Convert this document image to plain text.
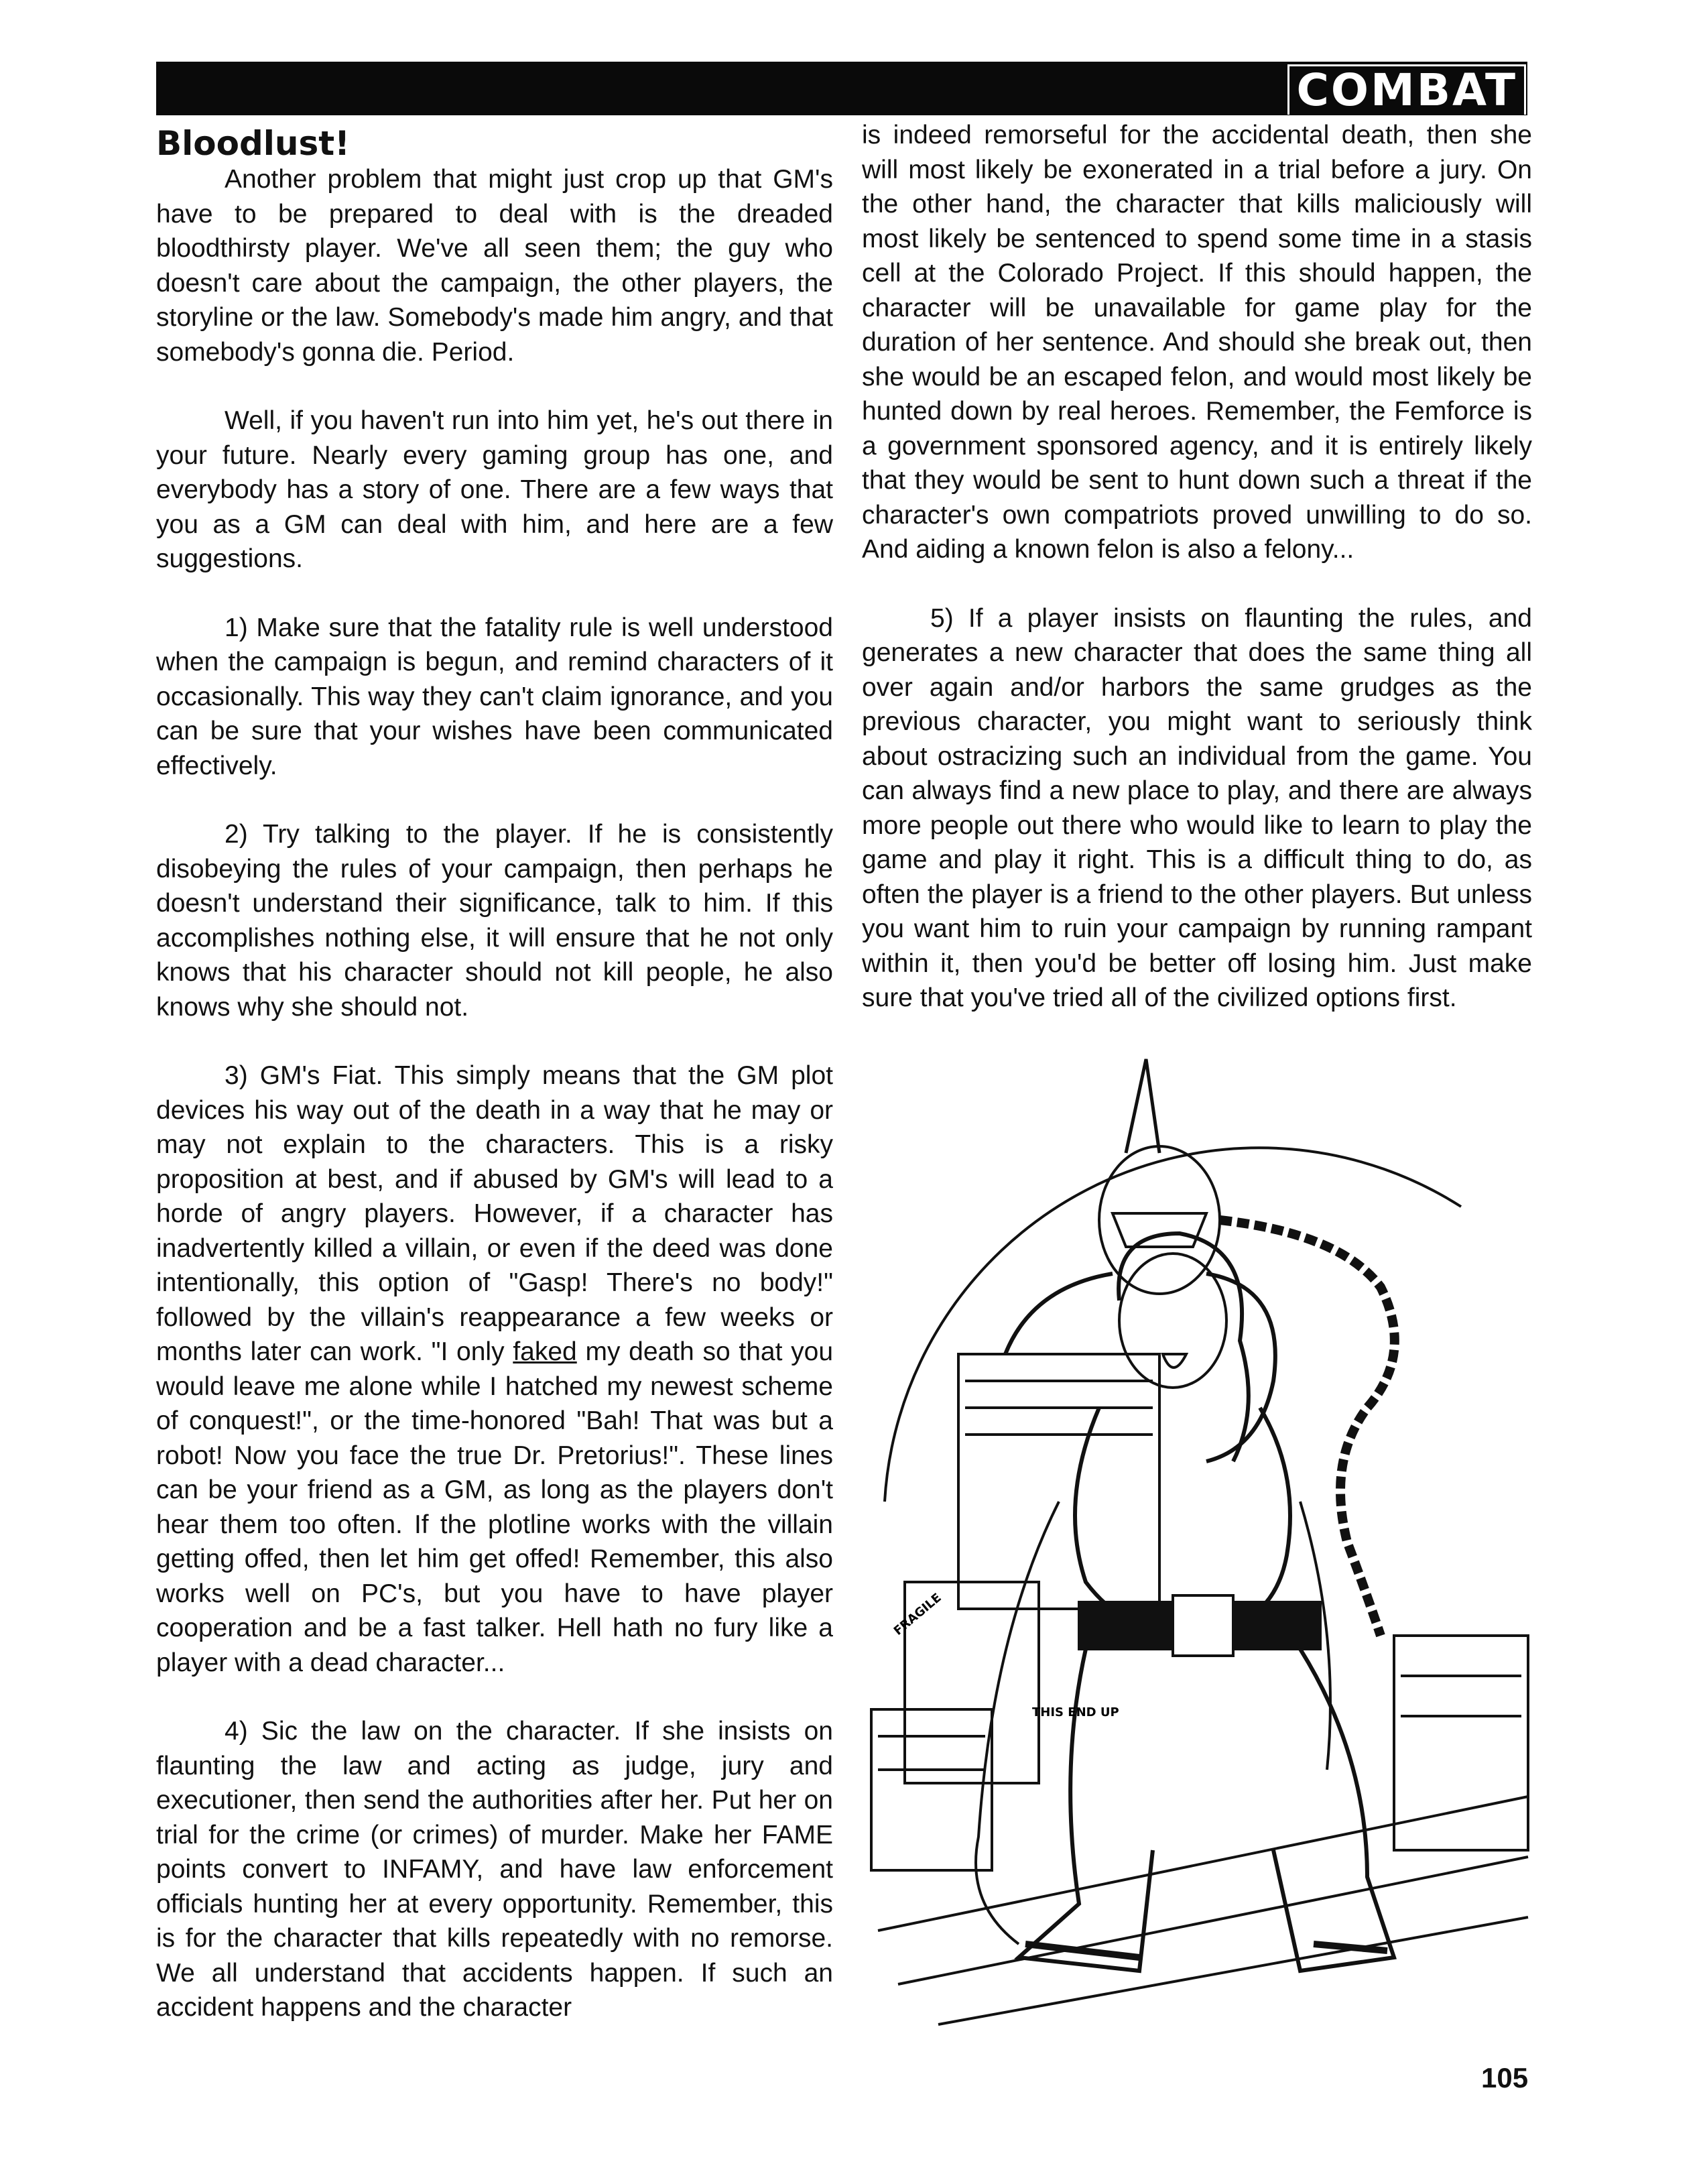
COMBAT
Bloodlust!

Another problem that might just crop up that GM's have to be prepared to deal with is the dreaded bloodthirsty player. We've all seen them; the guy who doesn't care about the campaign, the other players, the storyline or the law. Somebody's made him angry, and that somebody's gonna die. Period.

Well, if you haven't run into him yet, he's out there in your future. Nearly every gaming group has one, and everybody has a story of one. There are a few ways that you as a GM can deal with him, and here are a few suggestions.

1) Make sure that the fatality rule is well understood when the campaign is begun, and remind characters of it occasionally. This way they can't claim ignorance, and you can be sure that your wishes have been communicated effectively.

2) Try talking to the player. If he is consistently disobeying the rules of your campaign, then perhaps he doesn't understand their significance, talk to him. If this accomplishes nothing else, it will ensure that he not only knows that his character should not kill people, he also knows why she should not.

3) GM's Fiat. This simply means that the GM plot devices his way out of the death in a way that he may or may not explain to the characters. This is a risky proposition at best, and if abused by GM's will lead to a horde of angry players. However, if a character has inadvertently killed a villain, or even if the deed was done intentionally, this option of "Gasp! There's no body!" followed by the villain's reappearance a few weeks or months later can work. "I only faked my death so that you would leave me alone while I hatched my newest scheme of conquest!", or the time-honored "Bah! That was but a robot! Now you face the true Dr. Pretorius!". These lines can be your friend as a GM, as long as the players don't hear them too often. If the plotline works with the villain getting offed, then let him get offed! Remember, this also works well on PC's, but you have to have player cooperation and be a fast talker. Hell hath no fury like a player with a dead character...

4) Sic the law on the character. If she insists on flaunting the law and acting as judge, jury and executioner, then send the authorities after her. Put her on trial for the crime (or crimes) of murder. Make her FAME points convert to INFAMY, and have law enforcement officials hunting her at every opportunity. Remember, this is for the character that kills repeatedly with no remorse. We all understand that accidents happen. If such an accident happens and the character

is indeed remorseful for the accidental death, then she will most likely be exonerated in a trial before a jury. On the other hand, the character that kills maliciously will most likely be sentenced to spend some time in a stasis cell at the Colorado Project. If this should happen, the character will be unavailable for game play for the duration of her sentence. And should she break out, then she would be an escaped felon, and would most likely be hunted down by real heroes. Remember, the Femforce is a government sponsored agency, and it is entirely likely that they would be sent to hunt down such a threat if the character's own compatriots proved unwilling to do so. And aiding a known felon is also a felony...

5) If a player insists on flaunting the rules, and generates a new character that does the same thing all over again and/or harbors the same grudges as the previous character, you might want to seriously think about ostracizing such an individual from the game. You can always find a new place to play, and there are always more people out there who would like to learn to play the game and play it right. This is a difficult thing to do, as often the player is a friend to the other players. But unless you want him to ruin your campaign by running rampant within it, then you'd be better off losing him. Just make sure that you've tried all of the civilized options first.

THIS END UP
FRAGILE
105
